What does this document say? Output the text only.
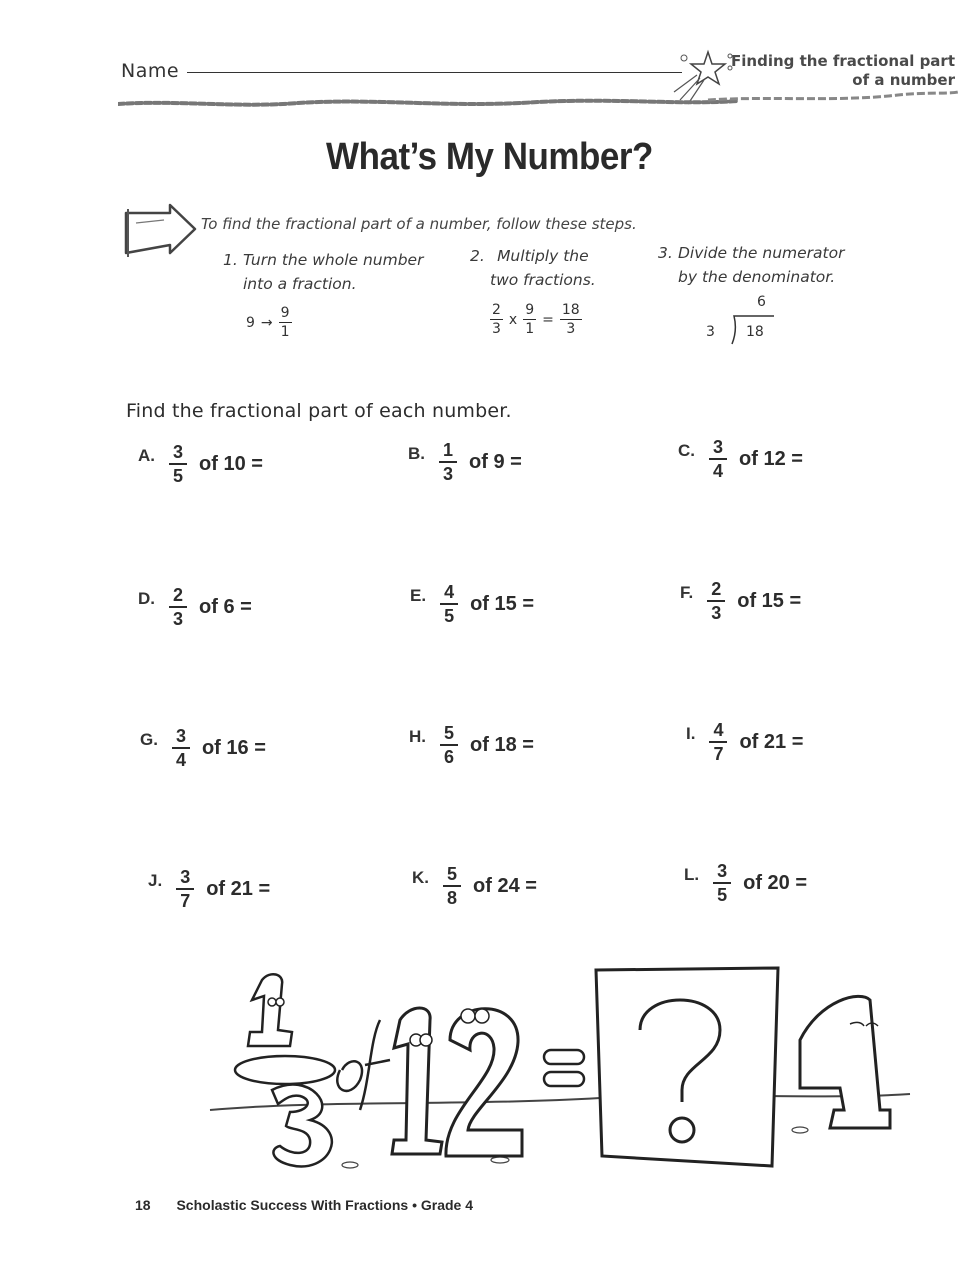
Name	Finding the fractional part
of a number
What’s My Number?
To find the fractional part of a number, follow these steps.
1. Turn the whole number
into a fraction.
2. Multiply the
two fractions.
3. Divide the numerator
by the denominator.
$9 \to \frac{9}{1}$	$\frac{2}{3}$ x $\frac{9}{1} = \frac{18}{3}$
6
3 18
Find the fractional part of each number.
A. $\frac{3}{5}$ of 10 =	B. $\frac{1}{3}$ of 9 =	C. $\frac{3}{4}$ of 12 =
D. $\frac{2}{3}$ of 6 =	E. $\frac{4}{5}$ of 15 =	F. $\frac{2}{3}$ of 15 =
G. $\frac{3}{4}$ of 16 =	H. $\frac{5}{6}$ of 18 =	I. $\frac{4}{7}$ of 21 =
J. $\frac{3}{7}$ of 21 =	K. $\frac{5}{8}$ of 24 =	L. $\frac{3}{5}$ of 20 =
18 Scholastic Success With Fractions • Grade 4
